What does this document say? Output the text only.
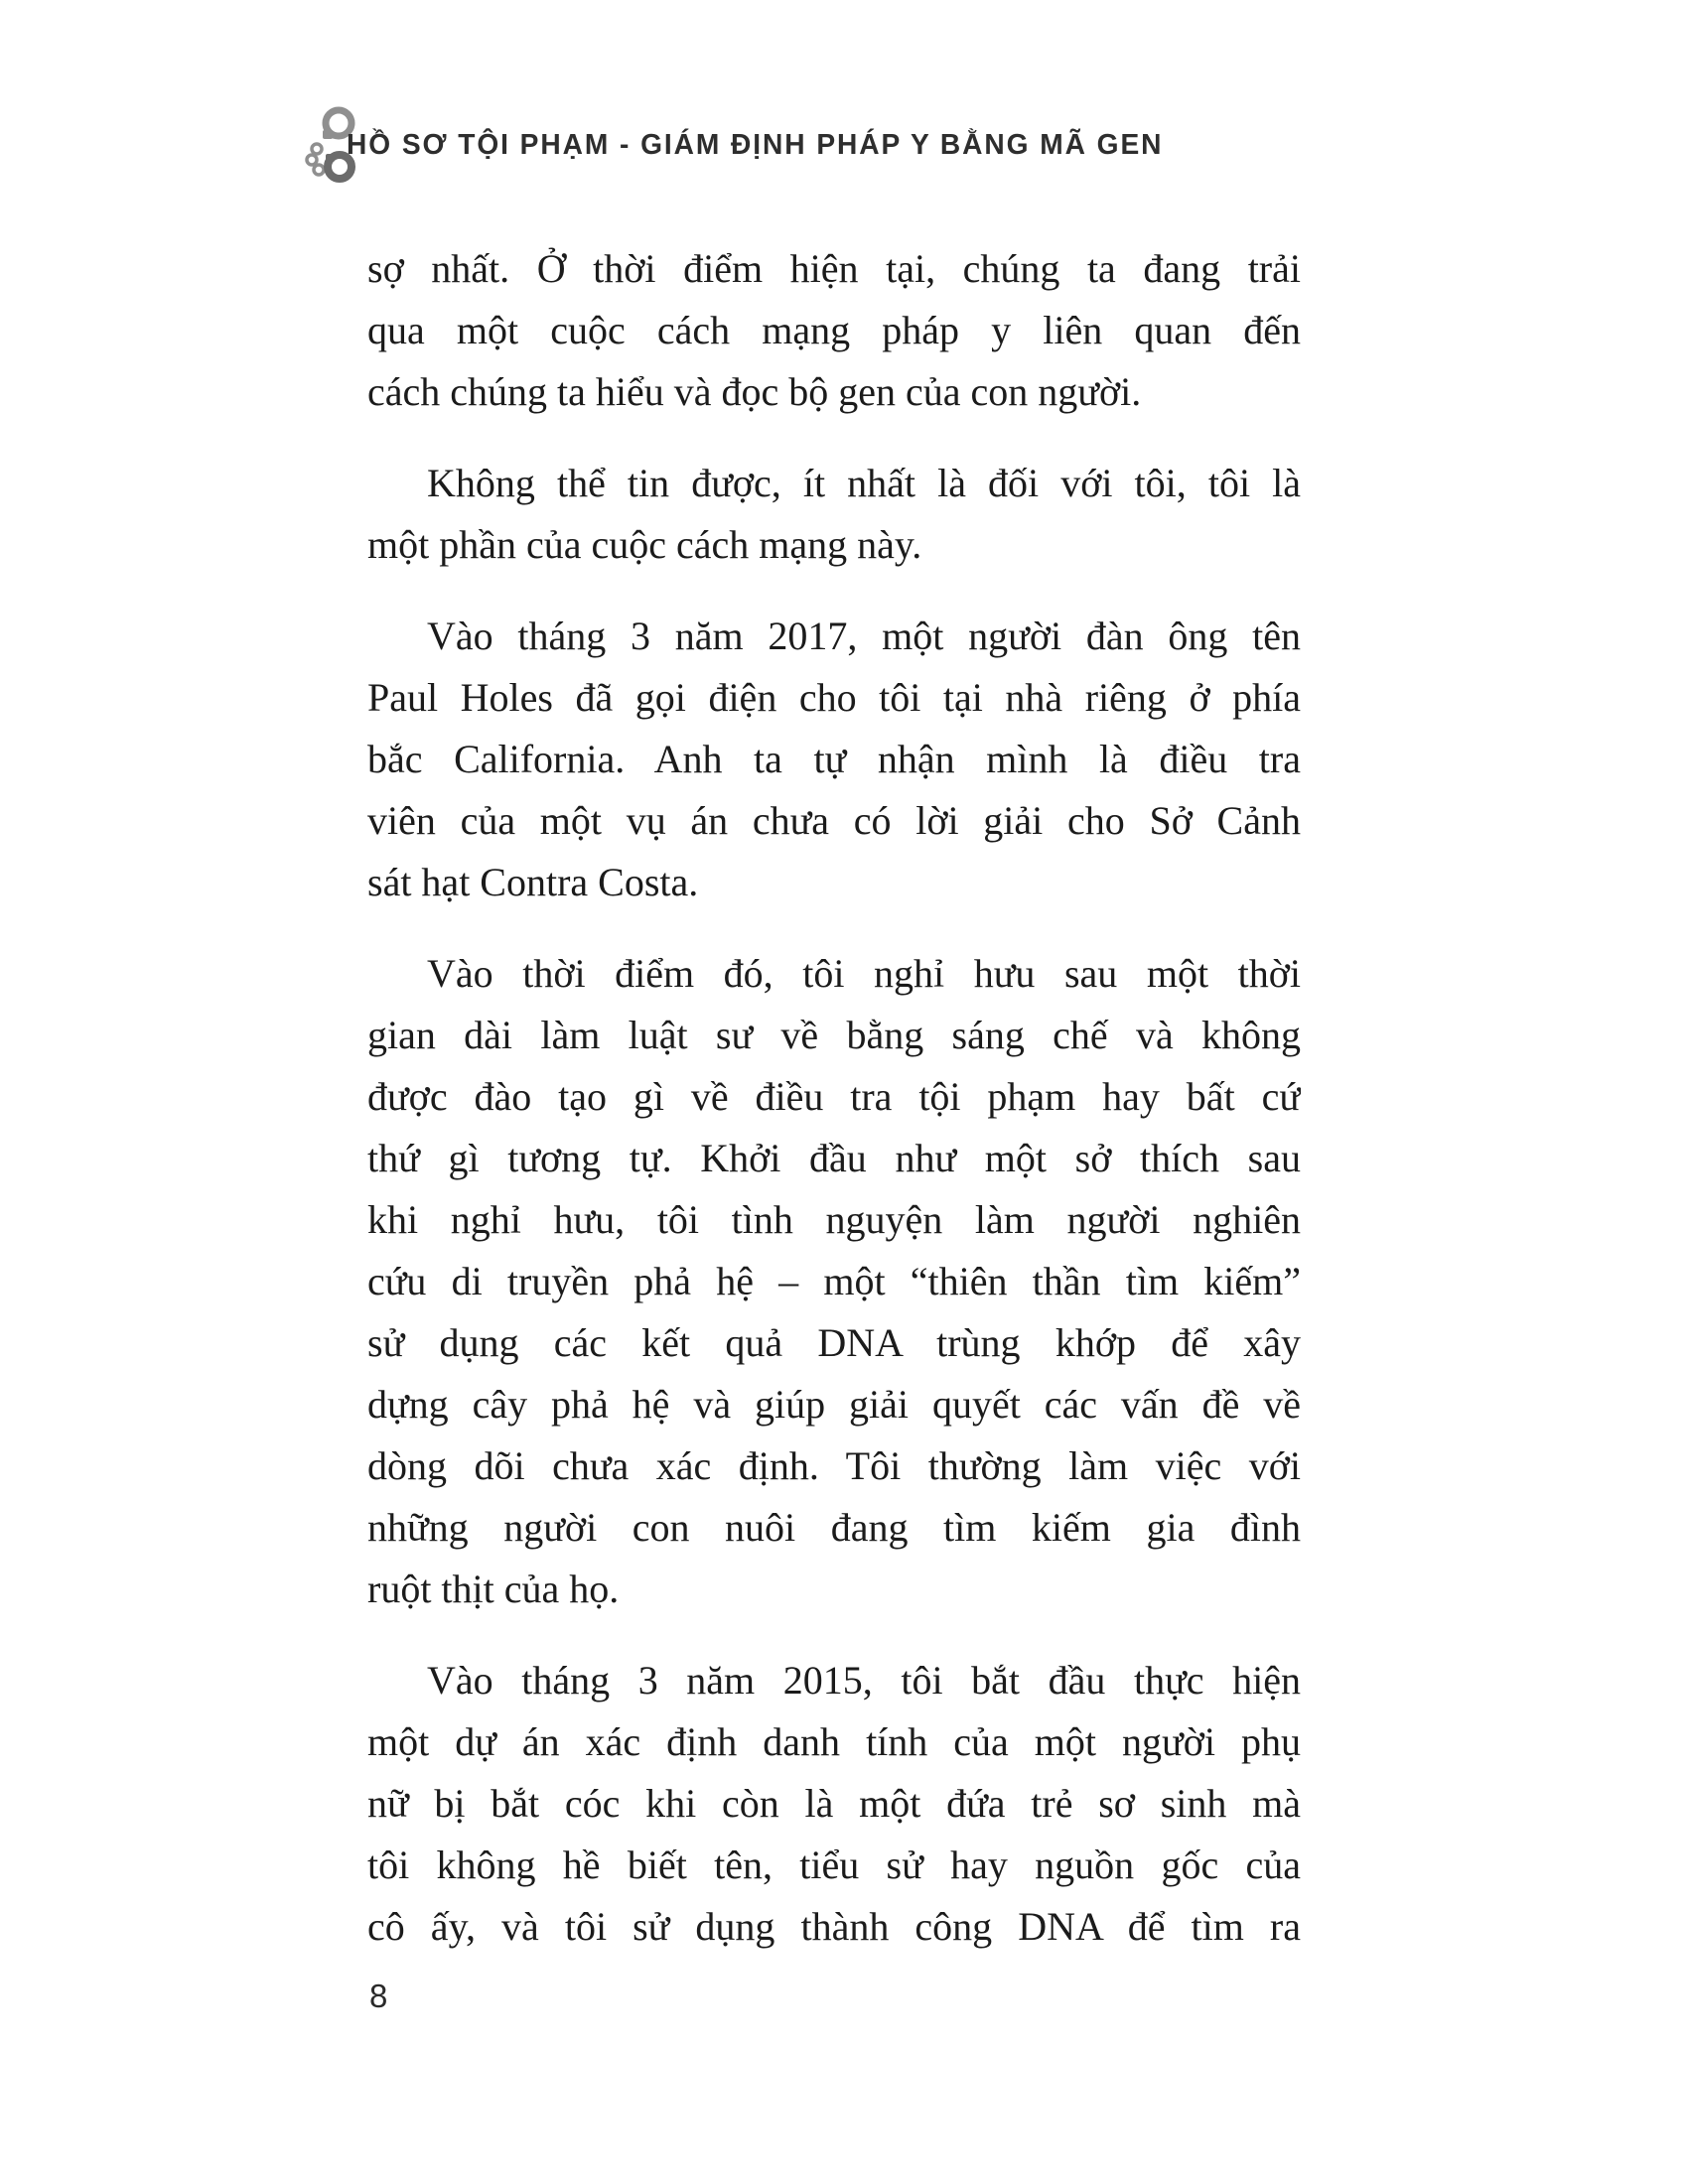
HỒ SƠ TỘI PHẠM - GIÁM ĐỊNH PHÁP Y BẰNG MÃ GEN
sợ nhất. Ở thời điểm hiện tại, chúng ta đang trải
qua một cuộc cách mạng pháp y liên quan đến
cách chúng ta hiểu và đọc bộ gen của con người.
Không thể tin được, ít nhất là đối với tôi, tôi là
một phần của cuộc cách mạng này.
Vào tháng 3 năm 2017, một người đàn ông tên
Paul Holes đã gọi điện cho tôi tại nhà riêng ở phía
bắc California. Anh ta tự nhận mình là điều tra
viên của một vụ án chưa có lời giải cho Sở Cảnh
sát hạt Contra Costa.
Vào thời điểm đó, tôi nghỉ hưu sau một thời
gian dài làm luật sư về bằng sáng chế và không
được đào tạo gì về điều tra tội phạm hay bất cứ
thứ gì tương tự. Khởi đầu như một sở thích sau
khi nghỉ hưu, tôi tình nguyện làm người nghiên
cứu di truyền phả hệ – một “thiên thần tìm kiếm”
sử dụng các kết quả DNA trùng khớp để xây
dựng cây phả hệ và giúp giải quyết các vấn đề về
dòng dõi chưa xác định. Tôi thường làm việc với
những người con nuôi đang tìm kiếm gia đình
ruột thịt của họ.
Vào tháng 3 năm 2015, tôi bắt đầu thực hiện
một dự án xác định danh tính của một người phụ
nữ bị bắt cóc khi còn là một đứa trẻ sơ sinh mà
tôi không hề biết tên, tiểu sử hay nguồn gốc của
cô ấy, và tôi sử dụng thành công DNA để tìm ra
8
